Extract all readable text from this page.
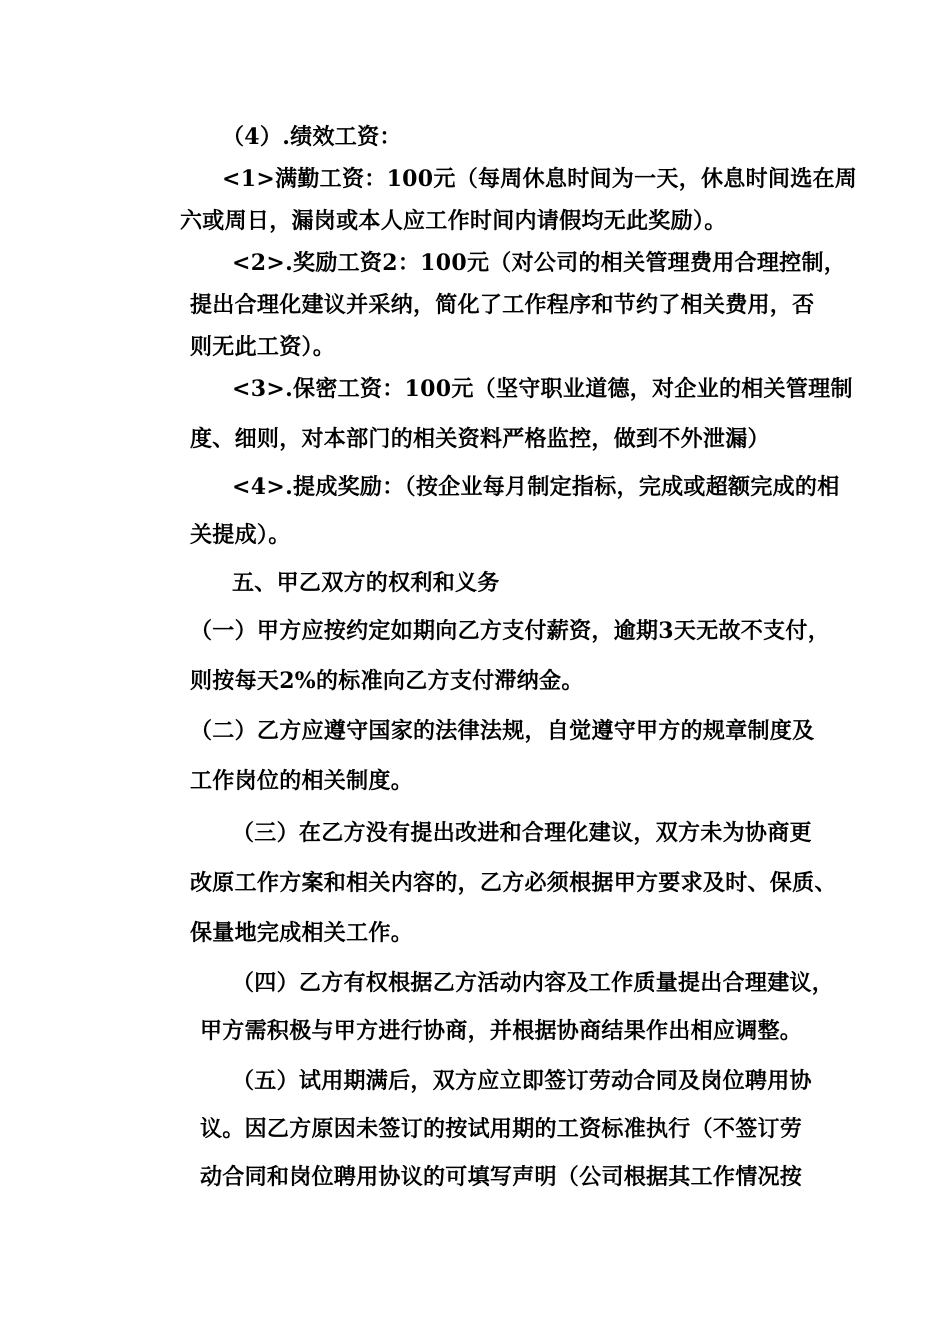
（4）.绩效工资：
<1>满勤工资：100元（每周休息时间为一天，休息时间选在周
六或周日，漏岗或本人应工作时间内请假均无此奖励）。
<2>.奖励工资2：100元（对公司的相关管理费用合理控制，
提出合理化建议并采纳，简化了工作程序和节约了相关费用，否
则无此工资）。
<3>.保密工资：100元（坚守职业道德，对企业的相关管理制
度、细则，对本部门的相关资料严格监控，做到不外泄漏）
<4>.提成奖励：（按企业每月制定指标，完成或超额完成的相
关提成）。
五、甲乙双方的权利和义务
（一）甲方应按约定如期向乙方支付薪资，逾期3天无故不支付，
则按每天2%的标准向乙方支付滞纳金。
（二）乙方应遵守国家的法律法规，自觉遵守甲方的规章制度及
工作岗位的相关制度。
（三）在乙方没有提出改进和合理化建议，双方未为协商更
改原工作方案和相关内容的，乙方必须根据甲方要求及时、保质、
保量地完成相关工作。
（四）乙方有权根据乙方活动内容及工作质量提出合理建议，
甲方需积极与甲方进行协商，并根据协商结果作出相应调整。
（五）试用期满后，双方应立即签订劳动合同及岗位聘用协
议。因乙方原因未签订的按试用期的工资标准执行（不签订劳
动合同和岗位聘用协议的可填写声明（公司根据其工作情况按
